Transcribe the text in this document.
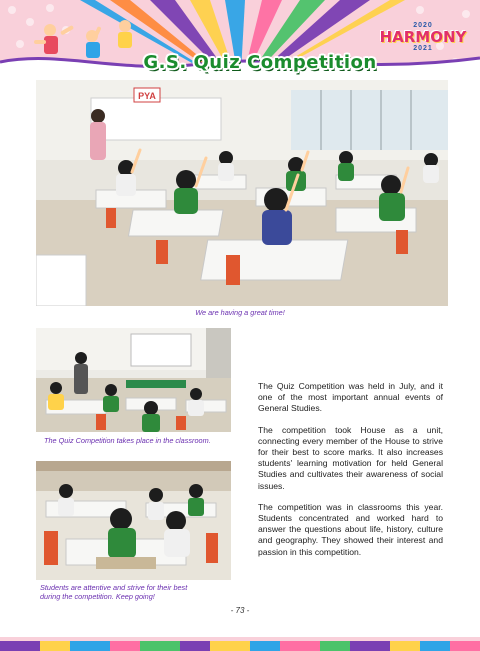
G.S. Quiz Competition
2020
HARMONY
2021
PYA
We are having a great time!
The Quiz Competition takes place in the classroom.
Students are attentive and strive for their best
during the competition. Keep going!

The Quiz Competition was held in July, and it one of the most important annual events of General Studies.

The competition took House as a unit, connecting every member of the House to strive for their best to score marks. It also increases students' learning motivation for held General Studies and cultivates their awareness of social issues.

The competition was in classrooms this year. Students concentrated and worked hard to answer the questions about life, history, culture and geography. They showed their interest and passion in this competition.

- 73 -
